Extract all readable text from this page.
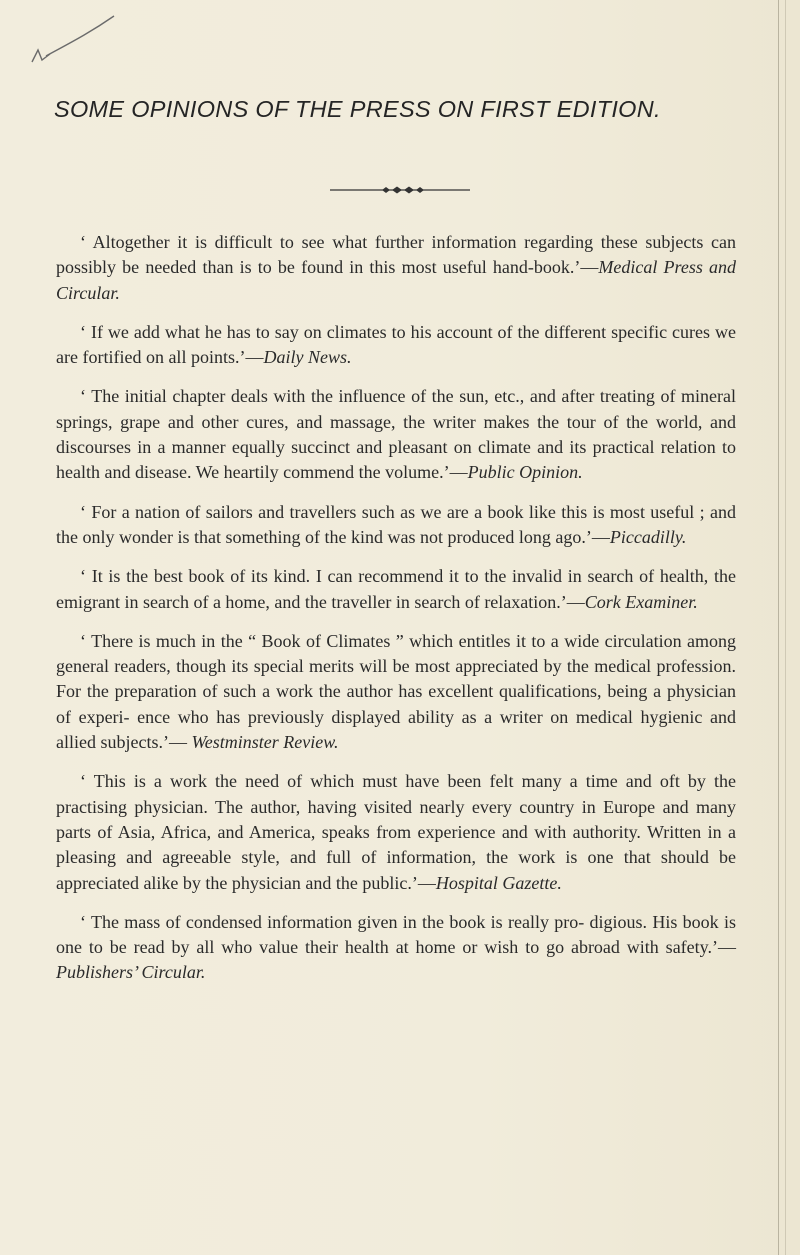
SOME OPINIONS OF THE PRESS ON FIRST EDITION.

‘ Altogether it is difficult to see what further information regarding these subjects can possibly be needed than is to be found in this most useful hand-book.’—Medical Press and Circular.

‘ If we add what he has to say on climates to his account of the different specific cures we are fortified on all points.’—Daily News.

‘ The initial chapter deals with the influence of the sun, etc., and after treating of mineral springs, grape and other cures, and massage, the writer makes the tour of the world, and discourses in a manner equally succinct and pleasant on climate and its practical relation to health and disease. We heartily commend the volume.’—Public Opinion.

‘ For a nation of sailors and travellers such as we are a book like this is most useful ; and the only wonder is that something of the kind was not produced long ago.’—Piccadilly.

‘ It is the best book of its kind. I can recommend it to the invalid in search of health, the emigrant in search of a home, and the traveller in search of relaxation.’—Cork Examiner.

‘ There is much in the “ Book of Climates ” which entitles it to a wide circulation among general readers, though its special merits will be most appreciated by the medical profession. For the preparation of such a work the author has excellent qualifications, being a physician of experi- ence who has previously displayed ability as a writer on medical hygienic and allied subjects.’— Westminster Review.

‘ This is a work the need of which must have been felt many a time and oft by the practising physician. The author, having visited nearly every country in Europe and many parts of Asia, Africa, and America, speaks from experience and with authority. Written in a pleasing and agreeable style, and full of information, the work is one that should be appreciated alike by the physician and the public.’—Hospital Gazette.

‘ The mass of condensed information given in the book is really pro- digious. His book is one to be read by all who value their health at home or wish to go abroad with safety.’—Publishers’ Circular.
